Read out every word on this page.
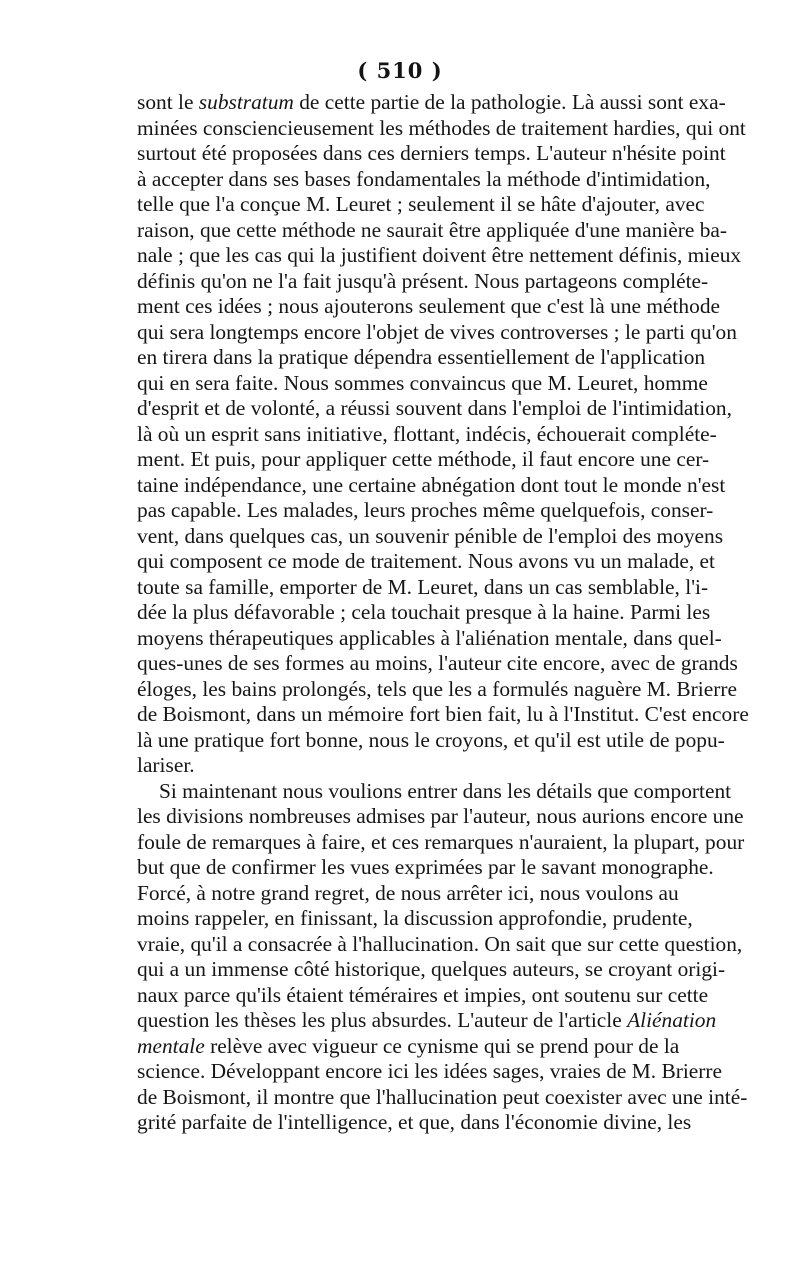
( 510 )
sont le substratum de cette partie de la pathologie. Là aussi sont exa-
minées consciencieusement les méthodes de traitement hardies, qui ont
surtout été proposées dans ces derniers temps. L'auteur n'hésite point
à accepter dans ses bases fondamentales la méthode d'intimidation,
telle que l'a conçue M. Leuret ; seulement il se hâte d'ajouter, avec
raison, que cette méthode ne saurait être appliquée d'une manière ba-
nale ; que les cas qui la justifient doivent être nettement définis, mieux
définis qu'on ne l'a fait jusqu'à présent. Nous partageons compléte-
ment ces idées ; nous ajouterons seulement que c'est là une méthode
qui sera longtemps encore l'objet de vives controverses ; le parti qu'on
en tirera dans la pratique dépendra essentiellement de l'application
qui en sera faite. Nous sommes convaincus que M. Leuret, homme
d'esprit et de volonté, a réussi souvent dans l'emploi de l'intimidation,
là où un esprit sans initiative, flottant, indécis, échouerait compléte-
ment. Et puis, pour appliquer cette méthode, il faut encore une cer-
taine indépendance, une certaine abnégation dont tout le monde n'est
pas capable. Les malades, leurs proches même quelquefois, conser-
vent, dans quelques cas, un souvenir pénible de l'emploi des moyens
qui composent ce mode de traitement. Nous avons vu un malade, et
toute sa famille, emporter de M. Leuret, dans un cas semblable, l'i-
dée la plus défavorable ; cela touchait presque à la haine. Parmi les
moyens thérapeutiques applicables à l'aliénation mentale, dans quel-
ques-unes de ses formes au moins, l'auteur cite encore, avec de grands
éloges, les bains prolongés, tels que les a formulés naguère M. Brierre
de Boismont, dans un mémoire fort bien fait, lu à l'Institut. C'est encore
là une pratique fort bonne, nous le croyons, et qu'il est utile de popu-
lariser.
Si maintenant nous voulions entrer dans les détails que comportent
les divisions nombreuses admises par l'auteur, nous aurions encore une
foule de remarques à faire, et ces remarques n'auraient, la plupart, pour
but que de confirmer les vues exprimées par le savant monographe.
Forcé, à notre grand regret, de nous arrêter ici, nous voulons au
moins rappeler, en finissant, la discussion approfondie, prudente,
vraie, qu'il a consacrée à l'hallucination. On sait que sur cette question,
qui a un immense côté historique, quelques auteurs, se croyant origi-
naux parce qu'ils étaient téméraires et impies, ont soutenu sur cette
question les thèses les plus absurdes. L'auteur de l'article Aliénation
mentale relève avec vigueur ce cynisme qui se prend pour de la
science. Développant encore ici les idées sages, vraies de M. Brierre
de Boismont, il montre que l'hallucination peut coexister avec une inté-
grité parfaite de l'intelligence, et que, dans l'économie divine, les
